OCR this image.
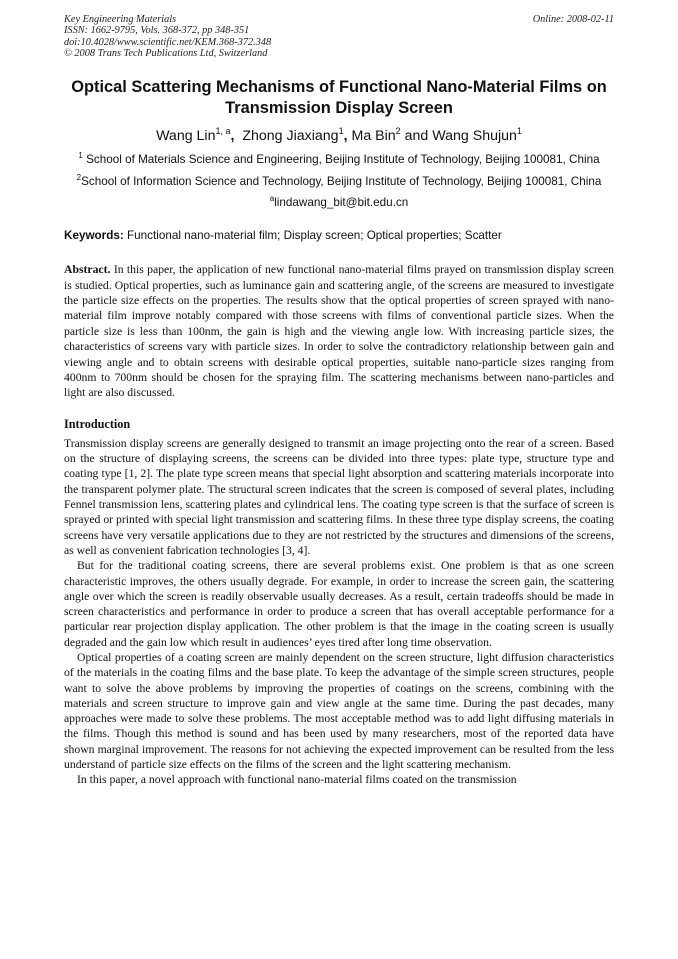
Key Engineering Materials
ISSN: 1662-9795, Vols. 368-372, pp 348-351
doi:10.4028/www.scientific.net/KEM.368-372.348
© 2008 Trans Tech Publications Ltd, Switzerland
Online: 2008-02-11
Optical Scattering Mechanisms of Functional Nano-Material Films on Transmission Display Screen
Wang Lin$^{1, a}$, Zhong Jiaxiang$^1$, Ma Bin$^2$ and Wang Shujun$^1$
$^1$ School of Materials Science and Engineering, Beijing Institute of Technology, Beijing 100081, China
$^2$School of Information Science and Technology, Beijing Institute of Technology, Beijing 100081, China
$^a$lindawang_bit@bit.edu.cn
Keywords: Functional nano-material film; Display screen; Optical properties; Scatter
Abstract. In this paper, the application of new functional nano-material films prayed on transmission display screen is studied. Optical properties, such as luminance gain and scattering angle, of the screens are measured to investigate the particle size effects on the properties. The results show that the optical properties of screen sprayed with nano-material film improve notably compared with those screens with films of conventional particle sizes. When the particle size is less than 100nm, the gain is high and the viewing angle low. With increasing particle sizes, the characteristics of screens vary with particle sizes. In order to solve the contradictory relationship between gain and viewing angle and to obtain screens with desirable optical properties, suitable nano-particle sizes ranging from 400nm to 700nm should be chosen for the spraying film. The scattering mechanisms between nano-particles and light are also discussed.
Introduction

Transmission display screens are generally designed to transmit an image projecting onto the rear of a screen. Based on the structure of displaying screens, the screens can be divided into three types: plate type, structure type and coating type [1, 2]. The plate type screen means that special light absorption and scattering materials incorporate into the transparent polymer plate. The structural screen indicates that the screen is composed of several plates, including Fennel transmission lens, scattering plates and cylindrical lens. The coating type screen is that the surface of screen is sprayed or printed with special light transmission and scattering films. In these three type display screens, the coating screens have very versatile applications due to they are not restricted by the structures and dimensions of the screens, as well as convenient fabrication technologies [3, 4].

But for the traditional coating screens, there are several problems exist. One problem is that as one screen characteristic improves, the others usually degrade. For example, in order to increase the screen gain, the scattering angle over which the screen is readily observable usually decreases. As a result, certain tradeoffs should be made in screen characteristics and performance in order to produce a screen that has overall acceptable performance for a particular rear projection display application. The other problem is that the image in the coating screen is usually degraded and the gain low which result in audiences’ eyes tired after long time observation.

Optical properties of a coating screen are mainly dependent on the screen structure, light diffusion characteristics of the materials in the coating films and the base plate. To keep the advantage of the simple screen structures, people want to solve the above problems by improving the properties of coatings on the screens, combining with the materials and screen structure to improve gain and view angle at the same time. During the past decades, many approaches were made to solve these problems. The most acceptable method was to add light diffusing materials in the films. Though this method is sound and has been used by many researchers, most of the reported data have shown marginal improvement. The reasons for not achieving the expected improvement can be resulted from the less understand of particle size effects on the films of the screen and the light scattering mechanism.

In this paper, a novel approach with functional nano-material films coated on the transmission
